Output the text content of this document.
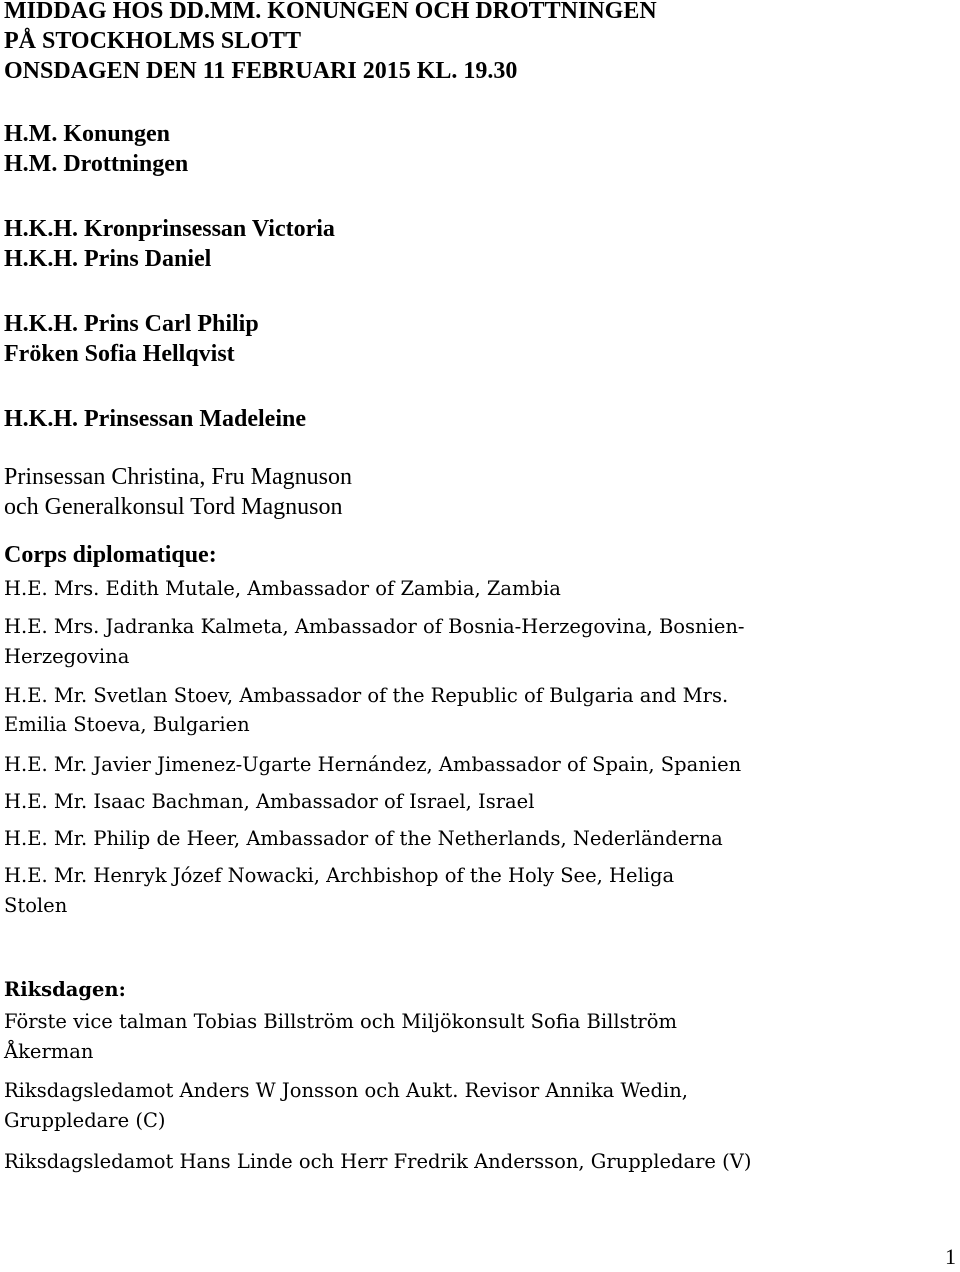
MIDDAG HOS DD.MM. KONUNGEN OCH DROTTNINGEN
PÅ STOCKHOLMS SLOTT
ONSDAGEN DEN 11 FEBRUARI 2015 KL. 19.30
H.M. Konungen
H.M. Drottningen
H.K.H. Kronprinsessan Victoria
H.K.H. Prins Daniel
H.K.H. Prins Carl Philip
Fröken Sofia Hellqvist
H.K.H. Prinsessan Madeleine
Prinsessan Christina, Fru Magnuson
och Generalkonsul Tord Magnuson
Corps diplomatique:
H.E. Mrs. Edith Mutale, Ambassador of Zambia, Zambia
H.E. Mrs. Jadranka Kalmeta, Ambassador of Bosnia-Herzegovina, Bosnien-
Herzegovina
H.E. Mr. Svetlan Stoev, Ambassador of the Republic of Bulgaria and Mrs.
Emilia Stoeva, Bulgarien
H.E. Mr. Javier Jimenez-Ugarte Hernández, Ambassador of Spain, Spanien
H.E. Mr. Isaac Bachman, Ambassador of Israel, Israel
H.E. Mr. Philip de Heer, Ambassador of the Netherlands, Nederländerna
H.E. Mr. Henryk Józef Nowacki, Archbishop of the Holy See, Heliga
Stolen
Riksdagen:
Förste vice talman Tobias Billström och Miljökonsult Sofia Billström
Åkerman
Riksdagsledamot Anders W Jonsson och Aukt. Revisor Annika Wedin,
Gruppledare (C)
Riksdagsledamot Hans Linde och Herr Fredrik Andersson, Gruppledare (V)
1
